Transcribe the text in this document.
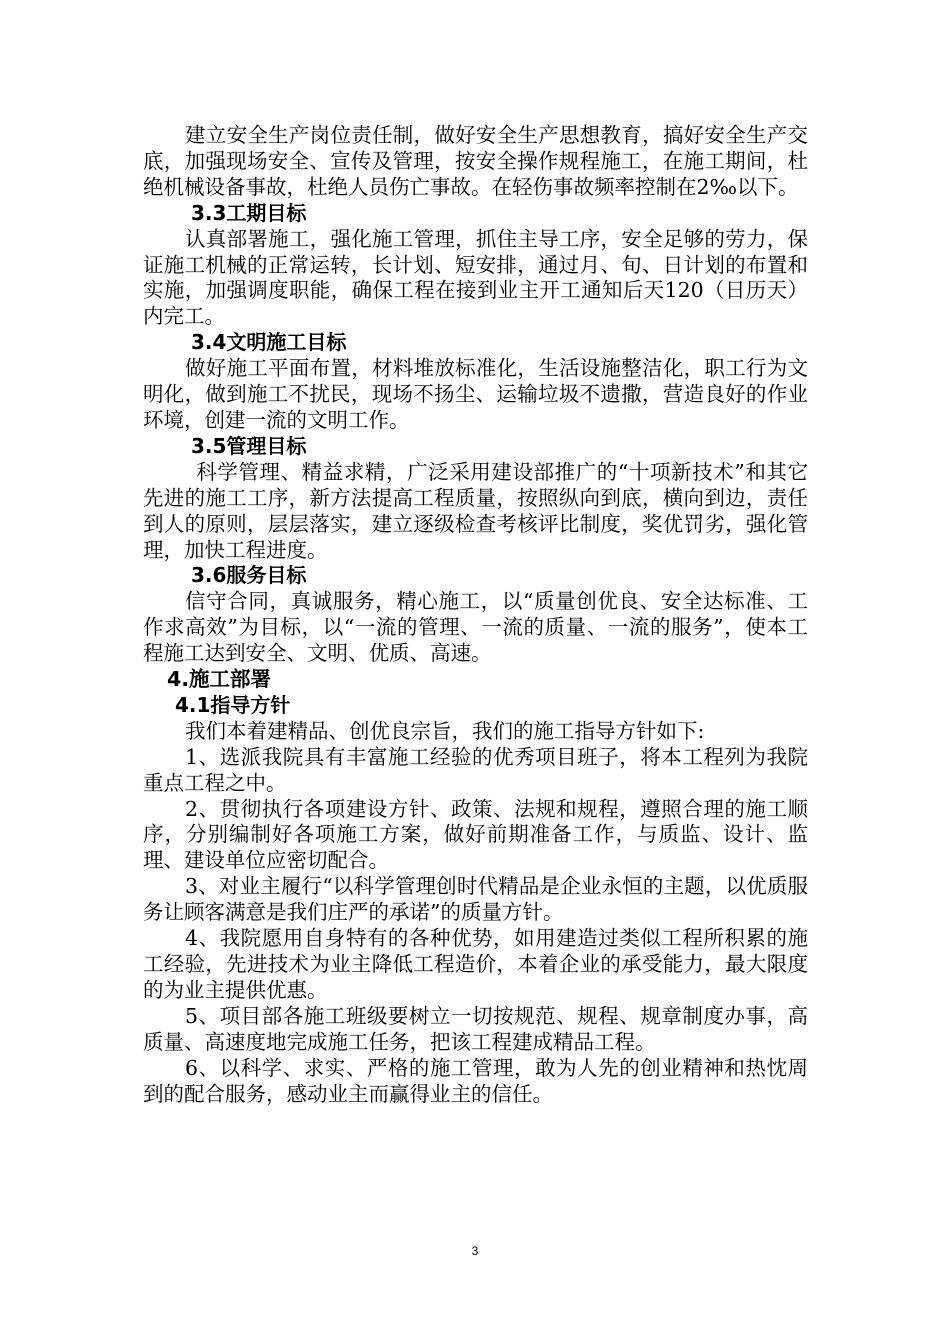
建立安全生产岗位责任制，做好安全生产思想教育，搞好安全生产交底，加强现场安全、宣传及管理，按安全操作规程施工，在施工期间，杜绝机械设备事故，杜绝人员伤亡事故。在轻伤事故频率控制在2‰以下。

3.3工期目标

认真部署施工，强化施工管理，抓住主导工序，安全足够的劳力，保证施工机械的正常运转，长计划、短安排，通过月、旬、日计划的布置和实施，加强调度职能，确保工程在接到业主开工通知后天120（日历天）内完工。

3.4文明施工目标

做好施工平面布置，材料堆放标准化，生活设施整洁化，职工行为文明化，做到施工不扰民，现场不扬尘、运输垃圾不遗撒，营造良好的作业环境，创建一流的文明工作。

3.5管理目标

科学管理、精益求精，广泛采用建设部推广的“十项新技术”和其它先进的施工工序，新方法提高工程质量，按照纵向到底，横向到边，责任到人的原则，层层落实，建立逐级检查考核评比制度，奖优罚劣，强化管理，加快工程进度。

3.6服务目标

信守合同，真诚服务，精心施工，以“质量创优良、安全达标准、工作求高效”为目标，以“一流的管理、一流的质量、一流的服务”，使本工程施工达到安全、文明、优质、高速。

4.施工部署

4.1指导方针

我们本着建精品、创优良宗旨，我们的施工指导方针如下:

1、选派我院具有丰富施工经验的优秀项目班子，将本工程列为我院重点工程之中。

2、贯彻执行各项建设方针、政策、法规和规程，遵照合理的施工顺序，分别编制好各项施工方案，做好前期准备工作，与质监、设计、监理、建设单位应密切配合。

3、对业主履行“以科学管理创时代精品是企业永恒的主题，以优质服务让顾客满意是我们庄严的承诺”的质量方针。

4、我院愿用自身特有的各种优势，如用建造过类似工程所积累的施工经验，先进技术为业主降低工程造价，本着企业的承受能力，最大限度的为业主提供优惠。

5、项目部各施工班级要树立一切按规范、规程、规章制度办事，高质量、高速度地完成施工任务，把该工程建成精品工程。

6、以科学、求实、严格的施工管理，敢为人先的创业精神和热忱周到的配合服务，感动业主而赢得业主的信任。

3
